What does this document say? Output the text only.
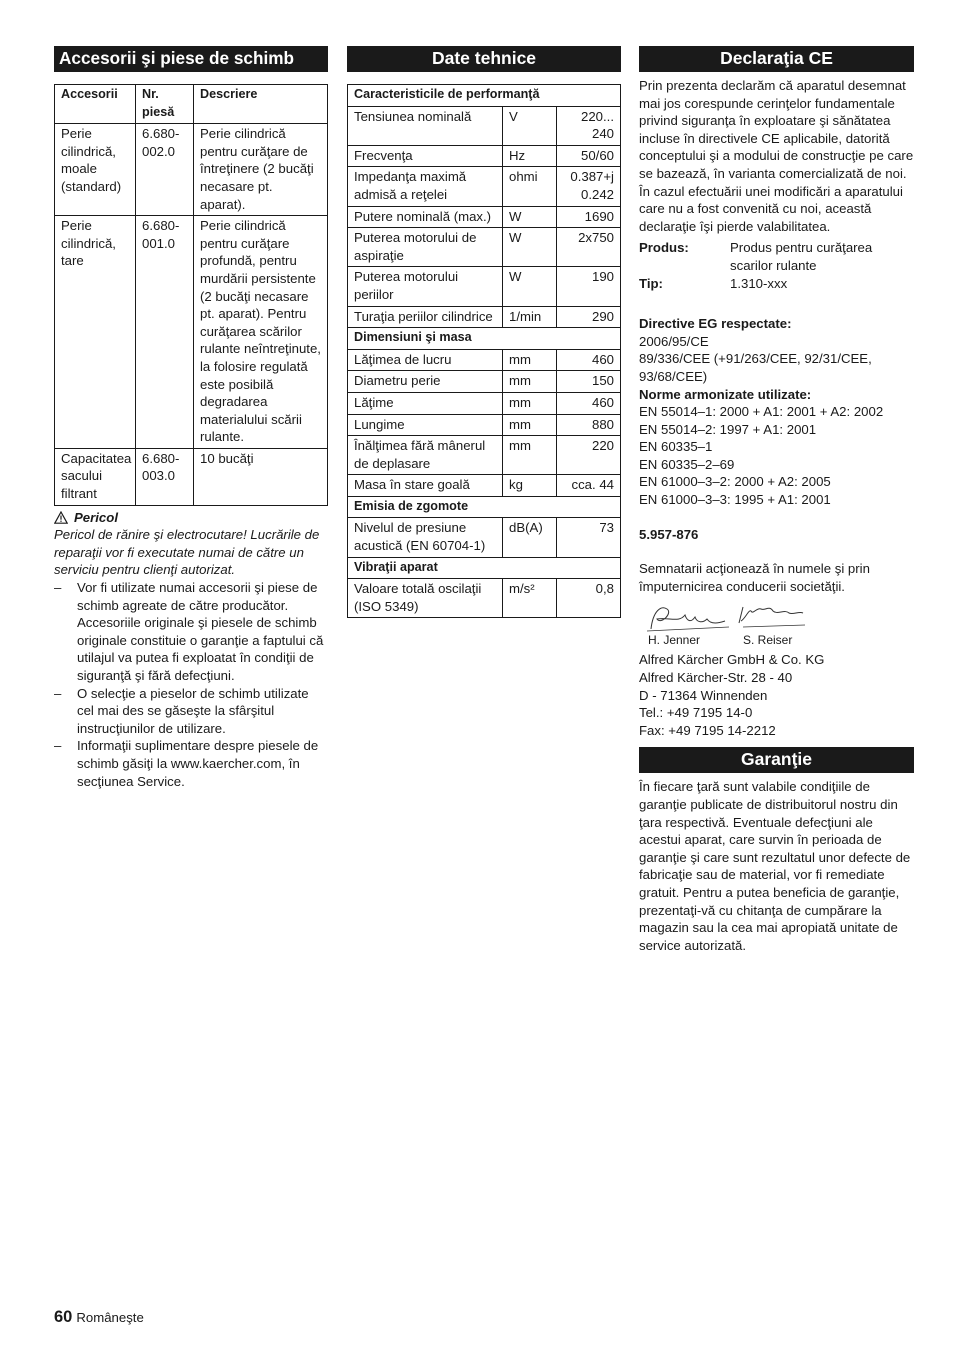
Accesorii şi piese de schimb
Accesorii	Nr. piesă	Descriere
Perie cilindrică, moale (standard)	6.680-002.0	Perie cilindrică pentru curăţare de întreţinere (2 bucăţi necasare pt. aparat).
Perie cilindrică, tare	6.680-001.0	Perie cilindrică pentru curăţare profundă, pentru murdării persistente (2 bucăţi necasare pt. aparat). Pentru curăţarea scărilor rulante neîntreţinute, la folosire regulată este posibilă degradarea materialului scării rulante.
Capacitatea sacului filtrant	6.680-003.0	10 bucăţi
Pericol

Pericol de rănire şi electrocutare! Lucrările de reparaţii vor fi executate numai de către un serviciu pentru clienţi autorizat.

– Vor fi utilizate numai accesorii şi piese de schimb agreate de către producător. Accesoriile originale şi piesele de schimb originale constituie o garanţie a faptului că utilajul va putea fi exploatat în condiţii de siguranţă şi fără defecţiuni.
– O selecţie a pieselor de schimb utilizate cel mai des se găseşte la sfârşitul instrucţiunilor de utilizare.
– Informaţii suplimentare despre piesele de schimb găsiţi la www.kaercher.com, în secţiunea Service.
Date tehnice
Caracteristicile de performanţă		
Tensiunea nominală	V	220... 240
Frecvenţa	Hz	50/60
Impedanţa maximă admisă a reţelei	ohmi	0.387+j 0.242
Putere nominală (max.)	W	1690
Puterea motorului de aspiraţie	W	2x750
Puterea motorului periilor	W	190
Turaţia periilor cilindrice	1/min	290
Dimensiuni şi masa		
Lăţimea de lucru	mm	460
Diametru perie	mm	150
Lăţime	mm	460
Lungime	mm	880
Înălţimea fără mânerul de deplasare	mm	220
Masa în stare goală	kg	cca. 44
Emisia de zgomote		
Nivelul de presiune acustică (EN 60704-1)	dB(A)	73
Vibraţii aparat		
Valoare totală oscilaţii (ISO 5349)	m/s²	0,8
Declaraţia CE

Prin prezenta declarăm că aparatul desemnat mai jos corespunde cerinţelor fundamentale privind siguranţa în exploatare şi sănătatea incluse în directivele CE aplicabile, datorită conceptului şi a modului de construcţie pe care se bazează, în varianta comercializată de noi. În cazul efectuării unei modificări a aparatului care nu a fost convenită cu noi, această declaraţie îşi pierde valabilitatea.

Produs:	Produs pentru curăţarea scarilor rulante
Tip:	1.310-xxx

Directive EG respectate:

2006/95/CE

89/336/CEE (+91/263/CEE, 92/31/CEE, 93/68/CEE)

Norme armonizate utilizate:

EN 55014–1: 2000 + A1: 2001 + A2: 2002

EN 55014–2: 1997 + A1: 2001

EN 60335–1

EN 60335–2–69

EN 61000–3–2: 2000 + A2: 2005

EN 61000–3–3: 1995 + A1: 2001

5.957-876

Semnatarii acţionează în numele şi prin împuternicirea conducerii societăţii.

H. Jenner	S. Reiser

Alfred Kärcher GmbH & Co. KG

Alfred Kärcher-Str. 28 - 40

D - 71364 Winnenden

Tel.: +49 7195 14-0

Fax: +49 7195 14-2212

Garanţie

În fiecare ţară sunt valabile condiţiile de garanţie publicate de distribuitorul nostru din ţara respectivă. Eventuale defecţiuni ale acestui aparat, care survin în perioada de garanţie şi care sunt rezultatul unor defecte de fabricaţie sau de material, vor fi remediate gratuit. Pentru a putea beneficia de garanţie, prezentaţi-vă cu chitanţa de cumpărare la magazin sau la cea mai apropiată unitate de service autorizată.

60 Româneşte
